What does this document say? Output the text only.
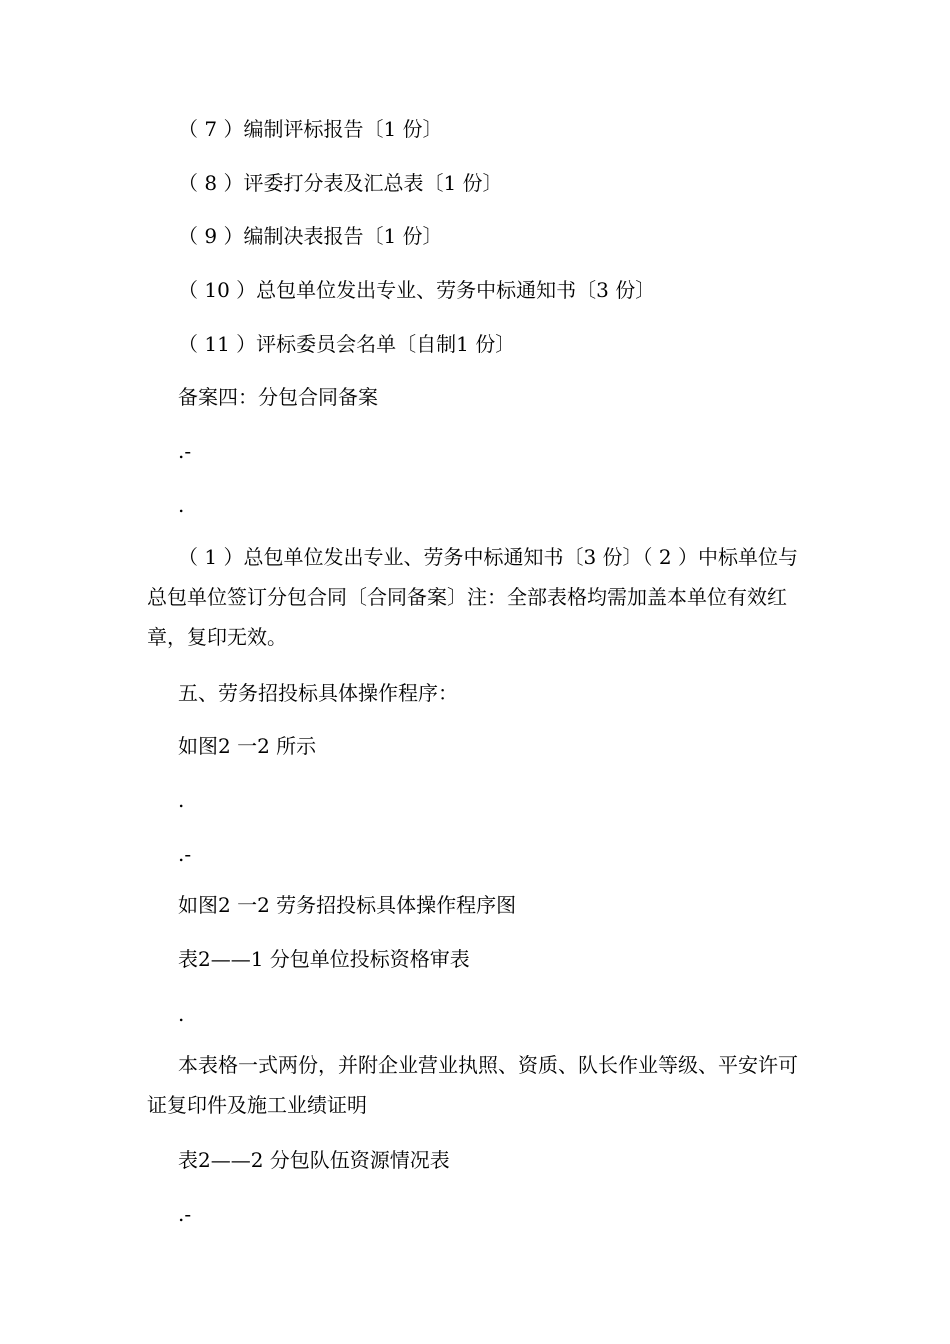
（ 7 ）编制评标报告〔1 份〕
（ 8 ）评委打分表及汇总表〔1 份〕
（ 9 ）编制决表报告〔1 份〕
（ 10 ）总包单位发出专业、劳务中标通知书〔3 份〕
（ 11 ）评标委员会名单〔自制1 份〕
备案四：分包合同备案
.-
.
（ 1 ）总包单位发出专业、劳务中标通知书〔3 份〕（ 2 ）中标单位与总包单位签订分包合同〔合同备案〕注：全部表格均需加盖本单位有效红章，复印无效。
五、劳务招投标具体操作程序：
如图2 一2 所示
.
.-
如图2 一2 劳务招投标具体操作程序图
表2——1 分包单位投标资格审表
.
本表格一式两份，并附企业营业执照、资质、队长作业等级、平安许可证复印件及施工业绩证明
表2——2 分包队伍资源情况表
.-
